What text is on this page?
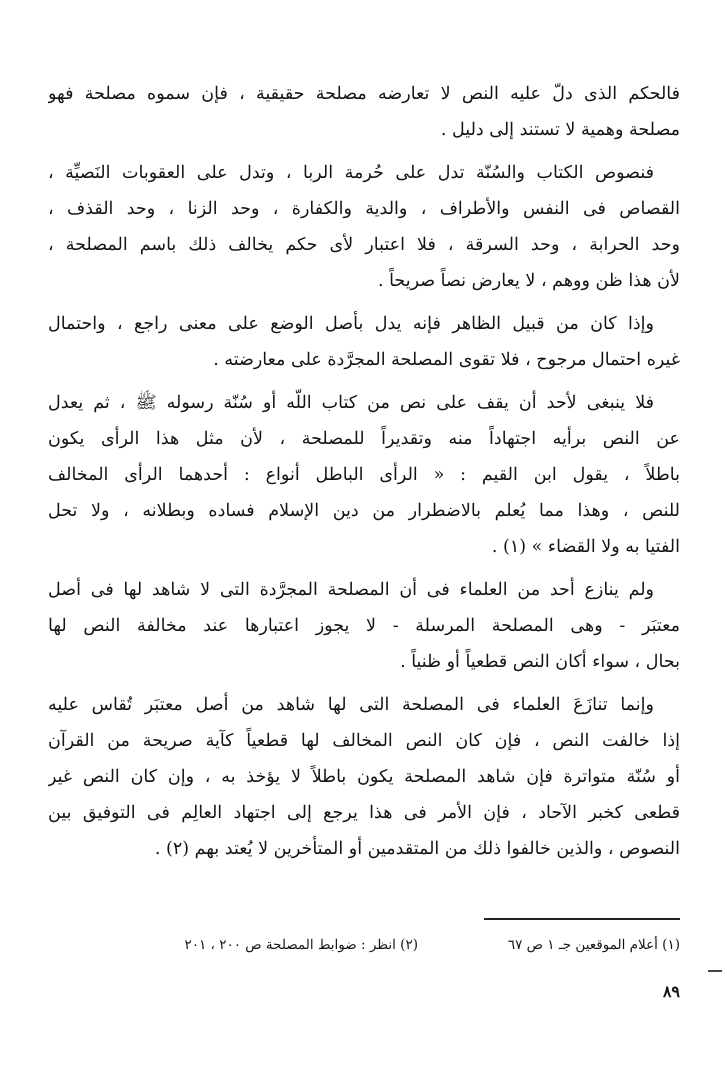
فالحكم الذى دلّ عليه النص لا تعارضه مصلحة حقيقية ، فإن سموه مصلحة فهو
مصلحة وهمية لا تستند إلى دليل .
فنصوص الكتاب والسُنّة تدل على حُرمة الربا ، وتدل على العقوبات النَصيِّة ،
القصاص فى النفس والأطراف ، والدية والكفارة ، وحد الزنا ، وحد القذف ،
وحد الحرابة ، وحد السرقة ، فلا اعتبار لأى حكم يخالف ذلك باسم المصلحة ،
لأن هذا ظن ووهم ، لا يعارض نصاً صريحاً .
وإذا كان من قبيل الظاهر فإنه يدل بأصل الوضع على معنى راجع ، واحتمال
غيره احتمال مرجوح ، فلا تقوى المصلحة المجرَّدة على معارضته .
فلا ينبغى لأحد أن يقف على نص من كتاب اللّه أو سُنّة رسوله ﷺ ، ثم يعدل
عن النص برأيه اجتهاداً منه وتقديراً للمصلحة ، لأن مثل هذا الرأى يكون
باطلاً ، يقول ابن القيم : « الرأى الباطل أنواع : أحدهما الرأى المخالف
للنص ، وهذا مما يُعلم بالاضطرار من دين الإسلام فساده وبطلانه ، ولا تحل
الفتيا به ولا القضاء » (١) .
ولم ينازع أحد من العلماء فى أن المصلحة المجرَّدة التى لا شاهد لها فى أصل
معتبَر - وهى المصلحة المرسلة - لا يجوز اعتبارها عند مخالفة النص لها
بحال ، سواء أكان النص قطعياً أو ظنياً .
وإنما تنازَعَ العلماء فى المصلحة التى لها شاهد من أصل معتبَر تُقاس عليه
إذا خالفت النص ، فإن كان النص المخالف لها قطعياً كآية صريحة من القرآن
أو سُنّة متواترة فإن شاهد المصلحة يكون باطلاً لا يؤخذ به ، وإن كان النص غير
قطعى كخبر الآحاد ، فإن الأمر فى هذا يرجع إلى اجتهاد العالِم فى التوفيق بين
النصوص ، والذين خالفوا ذلك من المتقدمين أو المتأخرين لا يُعتد بهم (٢) .
(١) أعلام الموقعين جـ ١ ص ٦٧
(٢) انظر : ضوابط المصلحة ص ٢٠٠ ، ٢٠١
٨٩
